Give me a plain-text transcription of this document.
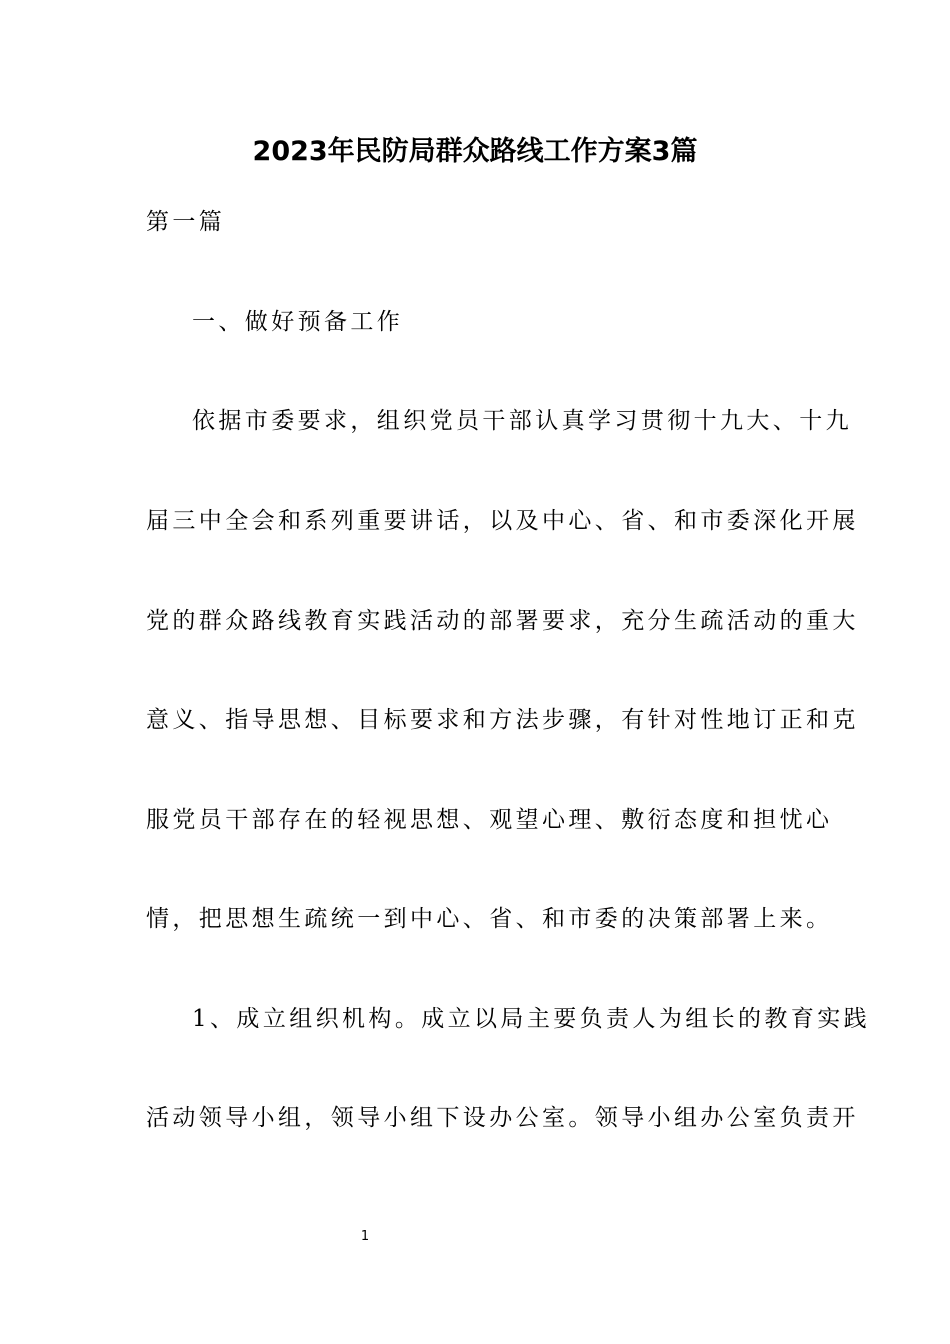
2023年民防局群众路线工作方案3篇
第一篇
一、做好预备工作
依据市委要求，组织党员干部认真学习贯彻十九大、十九
届三中全会和系列重要讲话，以及中心、省、和市委深化开展
党的群众路线教育实践活动的部署要求，充分生疏活动的重大
意义、指导思想、目标要求和方法步骤，有针对性地订正和克
服党员干部存在的轻视思想、观望心理、敷衍态度和担忧心
情，把思想生疏统一到中心、省、和市委的决策部署上来。
1、成立组织机构。成立以局主要负责人为组长的教育实践
活动领导小组，领导小组下设办公室。领导小组办公室负责开
1
